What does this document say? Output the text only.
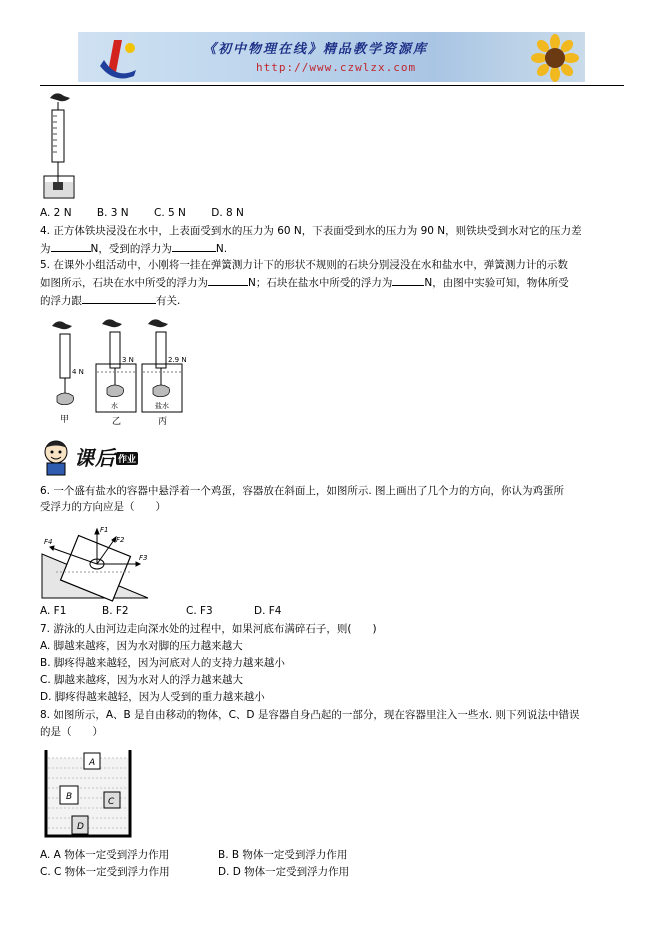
《初中物理在线》精品教学资源库
http://www.czwlzx.com
A. 2 N B. 3 N C. 5 N D. 8 N
4. 正方体铁块浸没在水中，上表面受到水的压力为 60 N，下表面受到水的压力为 90 N，则铁块受到水对它的压力差
为	N，受到的浮力为	N.
5. 在课外小组活动中，小刚将一挂在弹簧测力计下的形状不规则的石块分别浸没在水和盐水中，弹簧测力计的示数
如图所示，石块在水中所受的浮力为	N；石块在盐水中所受的浮力为	N，由图中实验可知，物体所受
的浮力跟	有关.
4 N
甲
3 N
水
乙
2.9 N
盐水
丙
课后 作业
6. 一个盛有盐水的容器中悬浮着一个鸡蛋，容器放在斜面上，如图所示. 图上画出了几个力的方向，你认为鸡蛋所
受浮力的方向应是（　　）
F4
F1
F2
F3
A. F1	B. F2	C. F3	D. F4
7. 游泳的人由河边走向深水处的过程中，如果河底布满碎石子，则(　　)
A. 脚越来越疼，因为水对脚的压力越来越大
B. 脚疼得越来越轻，因为河底对人的支持力越来越小
C. 脚越来越疼，因为水对人的浮力越来越大
D. 脚疼得越来越轻，因为人受到的重力越来越小
8. 如图所示，A、B 是自由移动的物体，C、D 是容器自身凸起的一部分，现在容器里注入一些水. 则下列说法中错误
的是（　　）
A
B	C
D
A. A 物体一定受到浮力作用	B. B 物体一定受到浮力作用
C. C 物体一定受到浮力作用	D. D 物体一定受到浮力作用
